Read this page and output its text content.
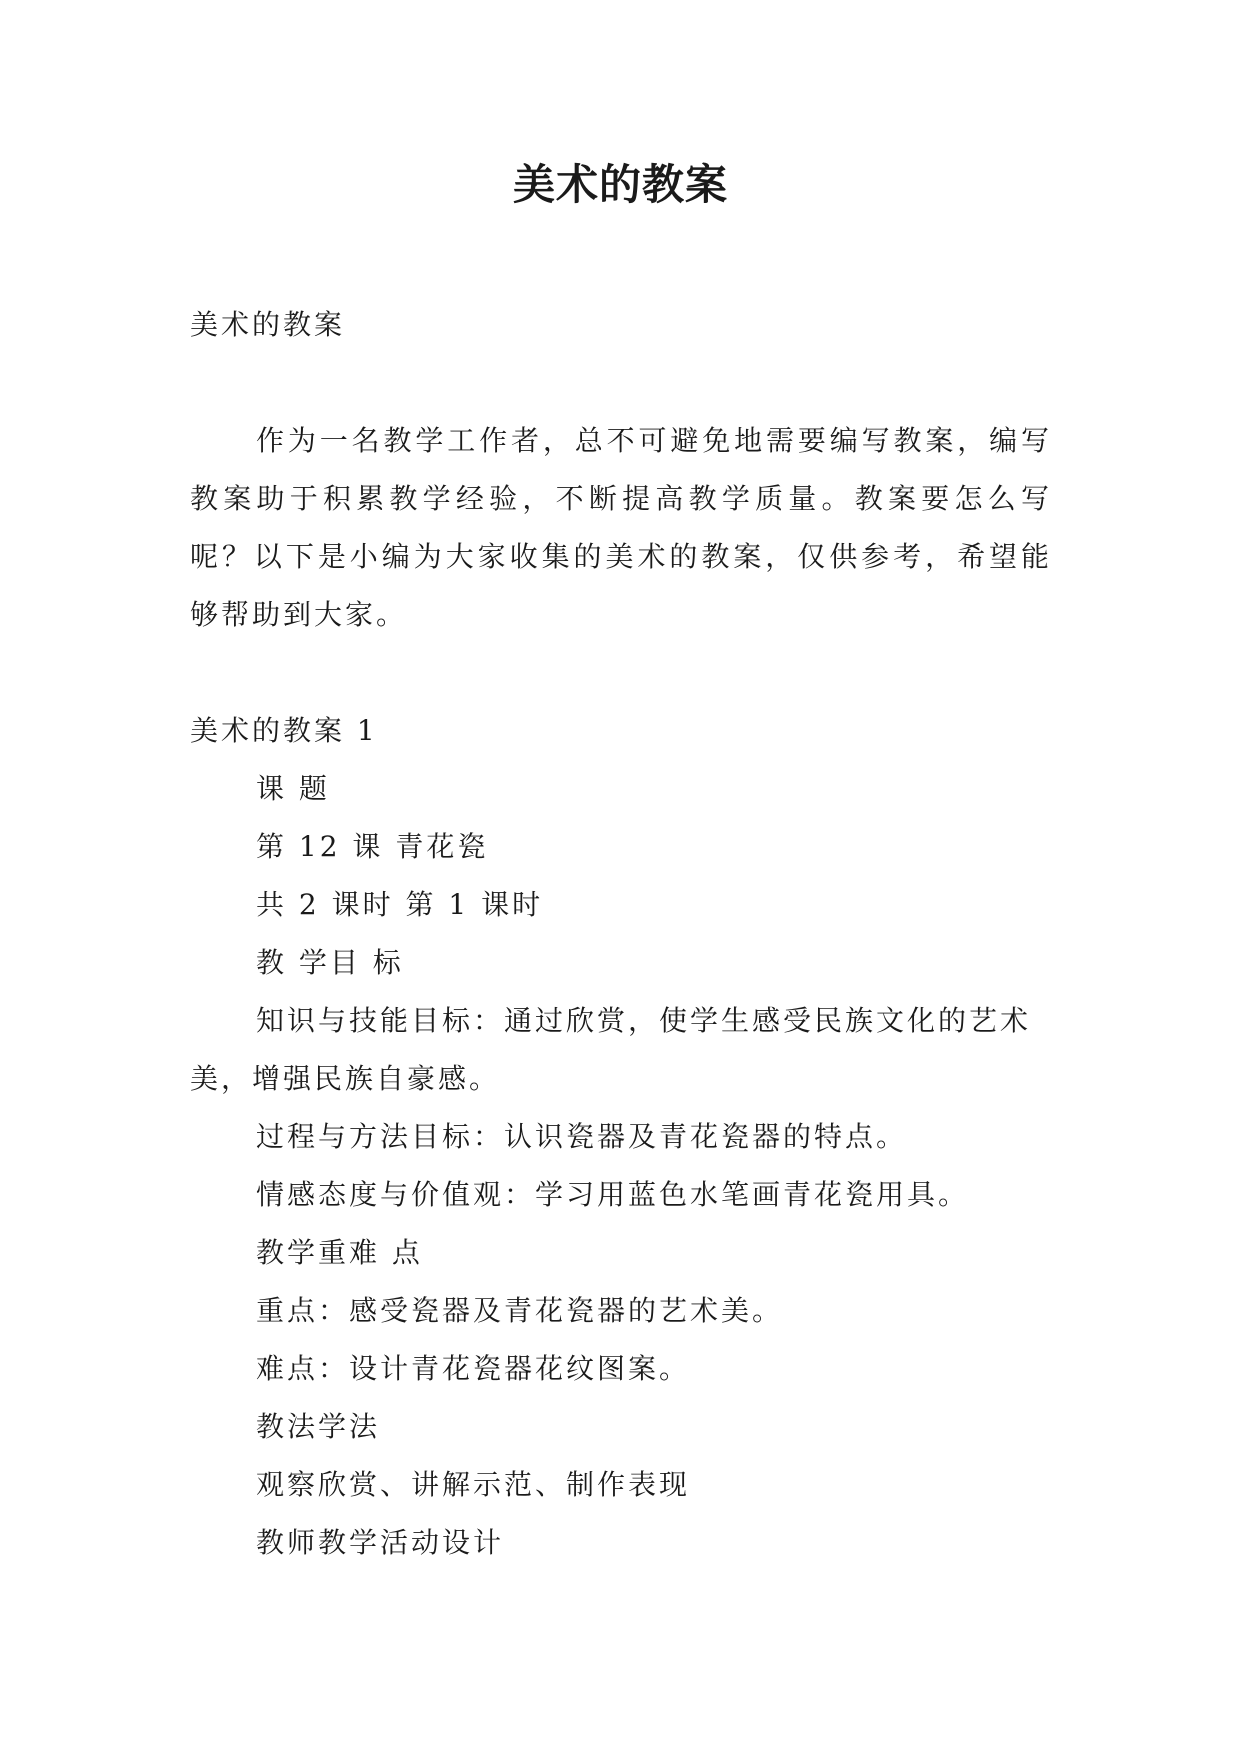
美术的教案

美术的教案

作为一名教学工作者，总不可避免地需要编写教案，编写教案助于积累教学经验，不断提高教学质量。教案要怎么写呢？以下是小编为大家收集的美术的教案，仅供参考，希望能够帮助到大家。

美术的教案 1

课 题

第 12 课 青花瓷

共 2 课时 第 1 课时

教 学目 标

知识与技能目标：通过欣赏，使学生感受民族文化的艺术美，增强民族自豪感。

过程与方法目标：认识瓷器及青花瓷器的特点。

情感态度与价值观：学习用蓝色水笔画青花瓷用具。

教学重难 点

重点：感受瓷器及青花瓷器的艺术美。

难点：设计青花瓷器花纹图案。

教法学法

观察欣赏、讲解示范、制作表现

教师教学活动设计
